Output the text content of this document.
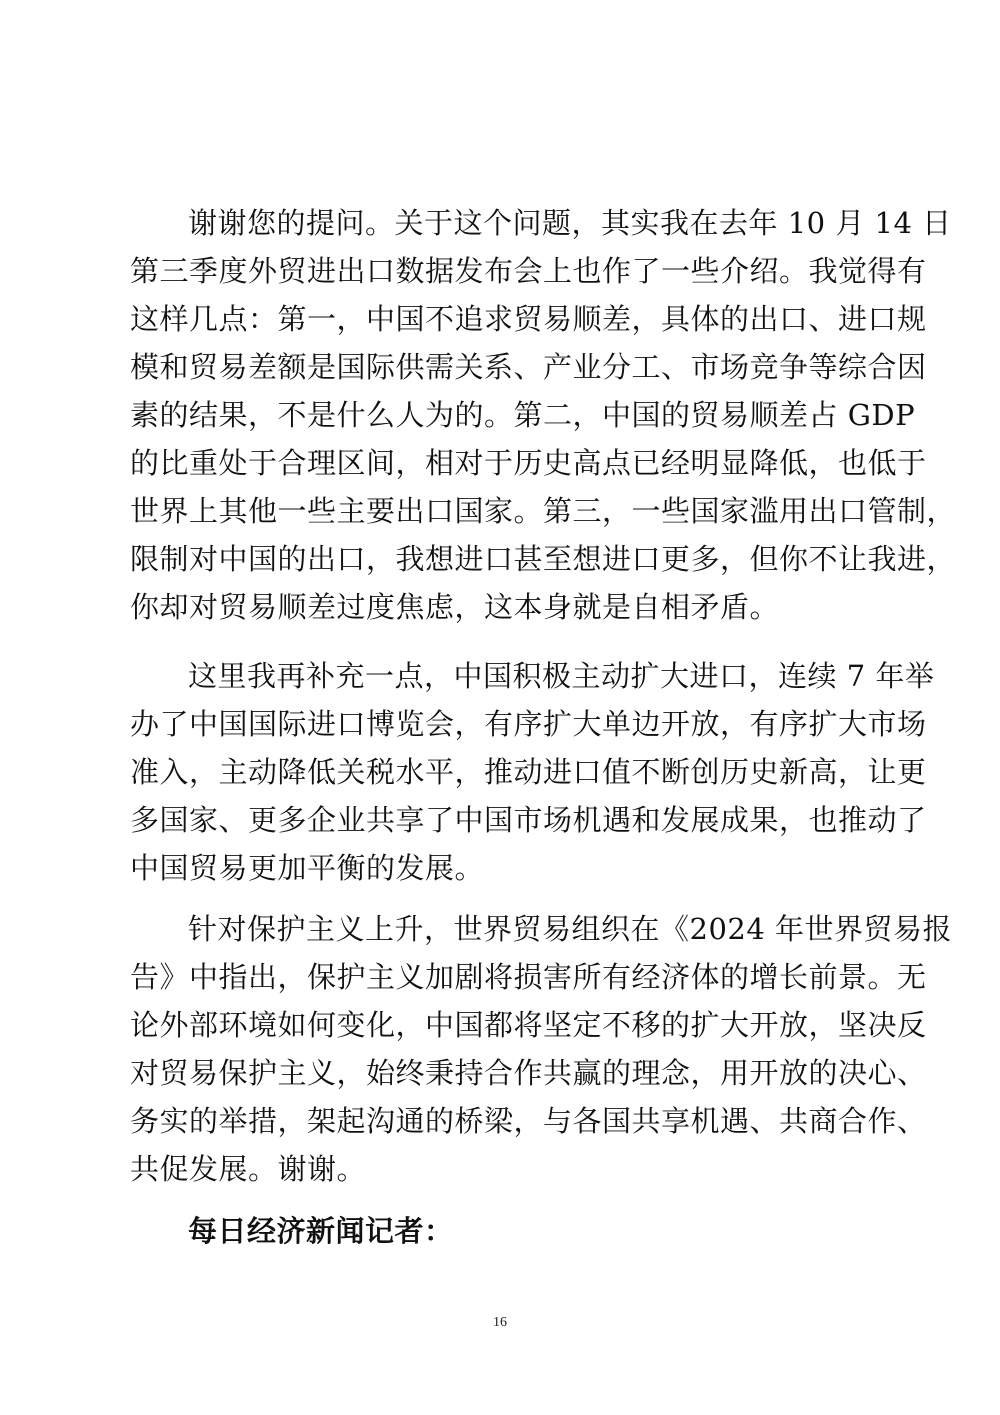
谢谢您的提问。关于这个问题，其实我在去年 10 月 14 日
第三季度外贸进出口数据发布会上也作了一些介绍。我觉得有
这样几点：第一，中国不追求贸易顺差，具体的出口、进口规
模和贸易差额是国际供需关系、产业分工、市场竞争等综合因
素的结果，不是什么人为的。第二，中国的贸易顺差占 GDP
的比重处于合理区间，相对于历史高点已经明显降低，也低于
世界上其他一些主要出口国家。第三，一些国家滥用出口管制，
限制对中国的出口，我想进口甚至想进口更多，但你不让我进，
你却对贸易顺差过度焦虑，这本身就是自相矛盾。
这里我再补充一点，中国积极主动扩大进口，连续 7 年举
办了中国国际进口博览会，有序扩大单边开放，有序扩大市场
准入，主动降低关税水平，推动进口值不断创历史新高，让更
多国家、更多企业共享了中国市场机遇和发展成果，也推动了
中国贸易更加平衡的发展。
针对保护主义上升，世界贸易组织在《2024 年世界贸易报
告》中指出，保护主义加剧将损害所有经济体的增长前景。无
论外部环境如何变化，中国都将坚定不移的扩大开放，坚决反
对贸易保护主义，始终秉持合作共赢的理念，用开放的决心、
务实的举措，架起沟通的桥梁，与各国共享机遇、共商合作、
共促发展。谢谢。
每日经济新闻记者：
16
